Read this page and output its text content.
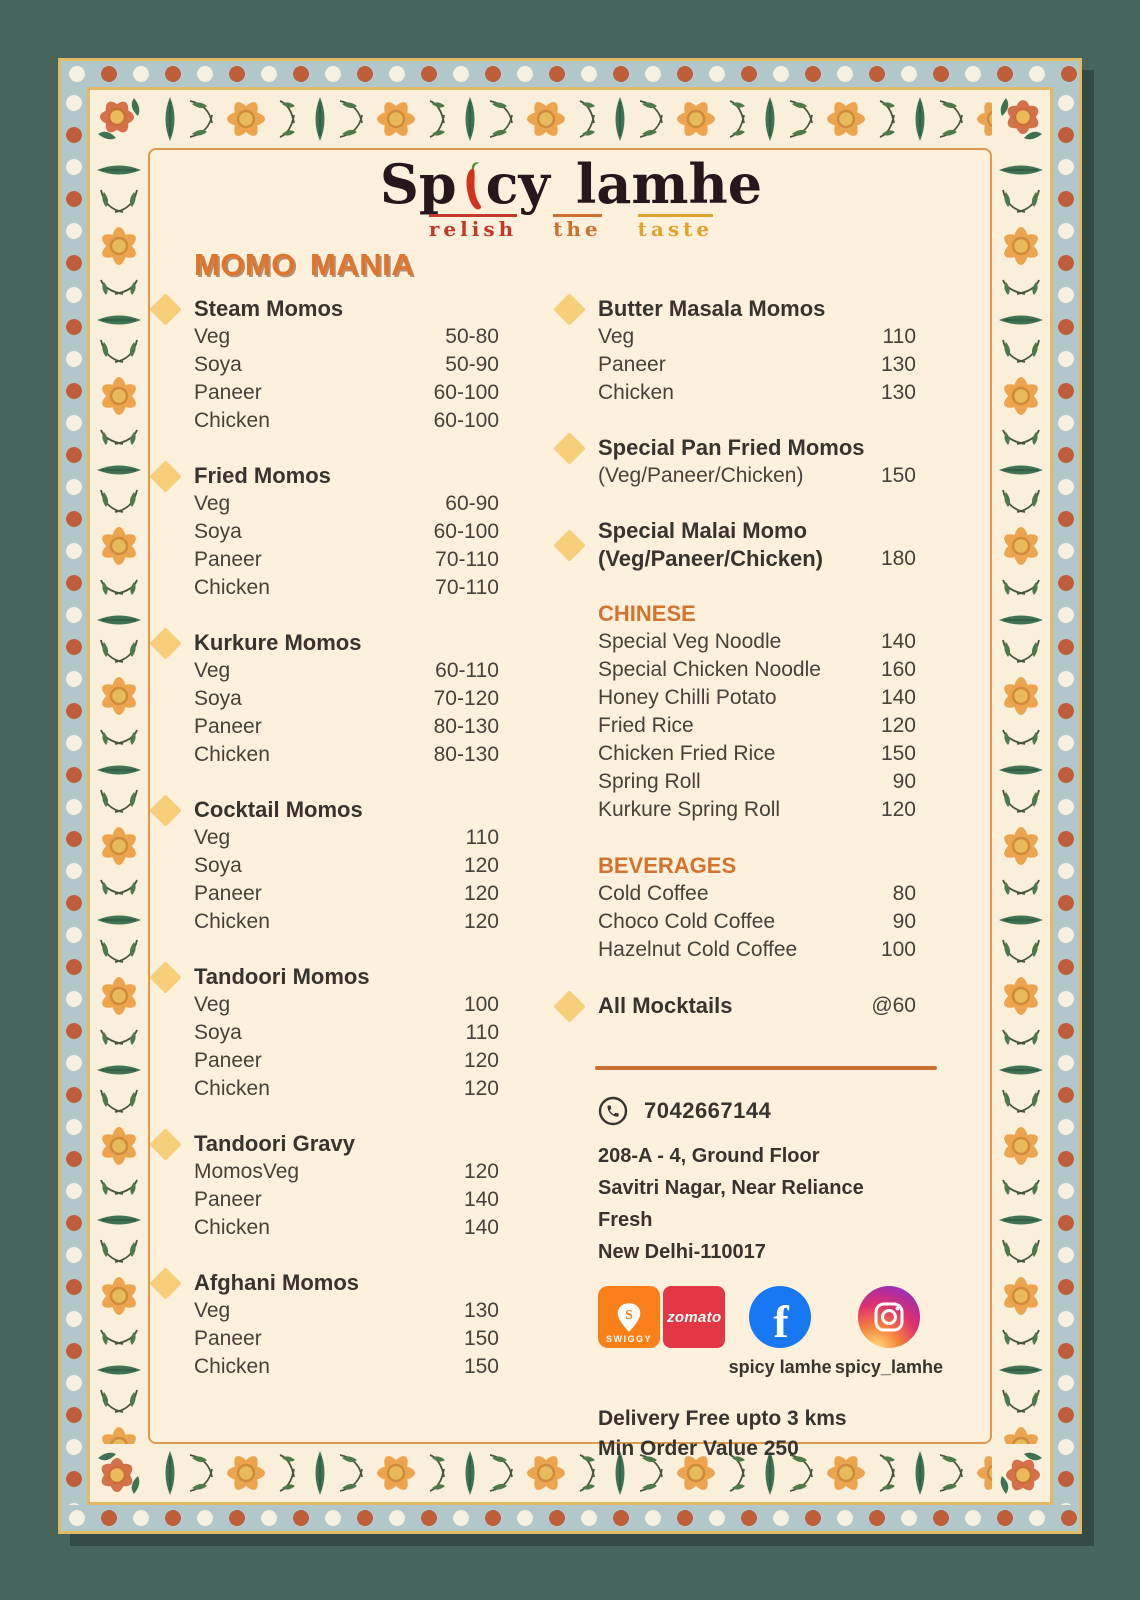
Sp cy lamhe
relish the taste
MOMO MANIA
Steam Momos
Veg	50-80
Soya	50-90
Paneer	60-100
Chicken	60-100
Fried Momos
Veg	60-90
Soya	60-100
Paneer	70-110
Chicken	70-110
Kurkure Momos
Veg	60-110
Soya	70-120
Paneer	80-130
Chicken	80-130
Cocktail Momos
Veg	110
Soya	120
Paneer	120
Chicken	120
Tandoori Momos
Veg	100
Soya	110
Paneer	120
Chicken	120
Tandoori Gravy
MomosVeg	120
Paneer	140
Chicken	140
Afghani Momos
Veg	130
Paneer	150
Chicken	150
Butter Masala Momos
Veg	110
Paneer	130
Chicken	130
Special Pan Fried Momos
(Veg/Paneer/Chicken)	150
Special Malai Momo
(Veg/Paneer/Chicken)	180
CHINESE
Special Veg Noodle	140
Special Chicken Noodle	160
Honey Chilli Potato	140
Fried Rice	120
Chicken Fried Rice	150
Spring Roll	90
Kurkure Spring Roll	120
BEVERAGES
Cold Coffee	80
Choco Cold Coffee	90
Hazelnut Cold Coffee	100
All Mocktails	@60
7042667144
208-A - 4, Ground Floor
Savitri Nagar, Near Reliance Fresh
New Delhi-110017
S
SWIGGY
zomato f
spicy lamhe spicy_lamhe
Delivery Free upto 3 kms
Min Order Value 250
